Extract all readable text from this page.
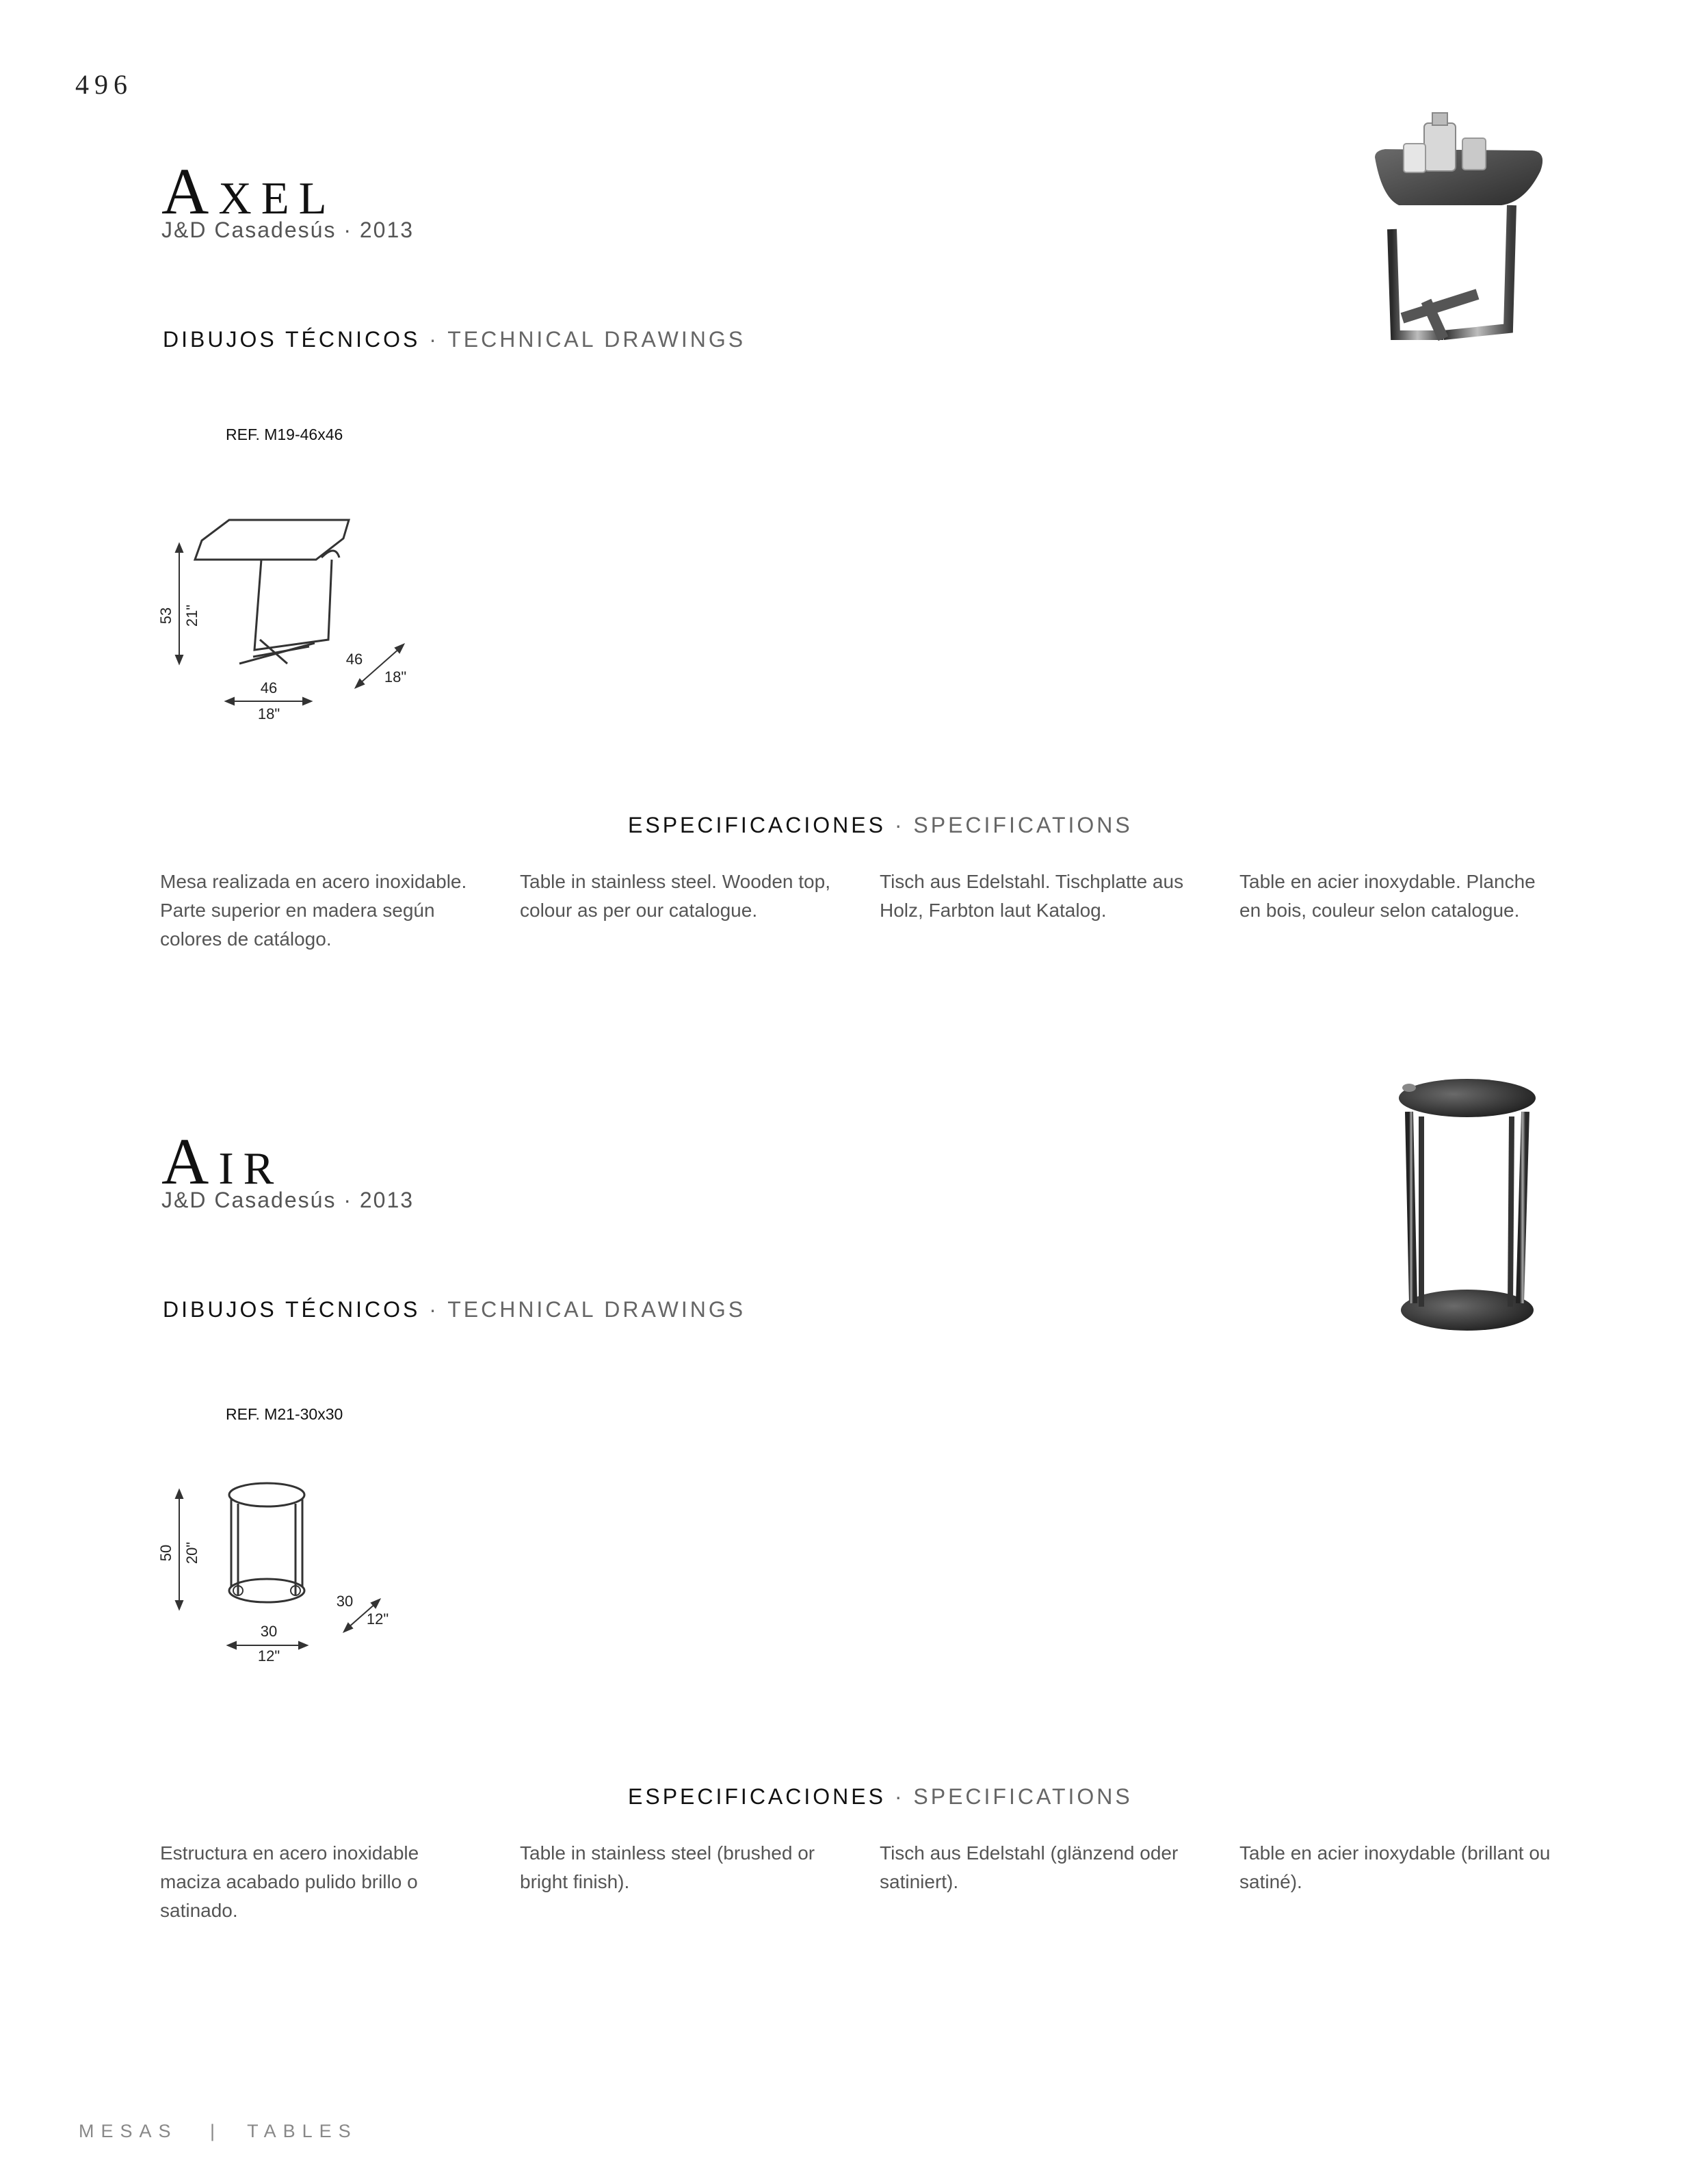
496
Axel
J&D Casadesús · 2013
DIBUJOS TÉCNICOS · TECHNICAL DRAWINGS
REF. M19-46x46
53 21"
46
18"
46
18"
ESPECIFICACIONES · SPECIFICATIONS
Mesa realizada en acero inoxidable. Parte superior en madera según colores de catálogo.
Table in stainless steel. Wooden top, colour as per our catalogue.
Tisch aus Edelstahl. Tischplatte aus Holz, Farbton laut Katalog.
Table en acier inoxydable. Planche en bois, couleur selon catalogue.
Air
J&D Casadesús · 2013
DIBUJOS TÉCNICOS · TECHNICAL DRAWINGS
REF. M21-30x30
50 20"
30
12"
30
12"
ESPECIFICACIONES · SPECIFICATIONS
Estructura en acero inoxidable maciza acabado pulido brillo o satinado.
Table in stainless steel (brushed or bright finish).
Tisch aus Edelstahl (glänzend oder satiniert).
Table en acier inoxydable (brillant ou satiné).
MESAS | TABLES
